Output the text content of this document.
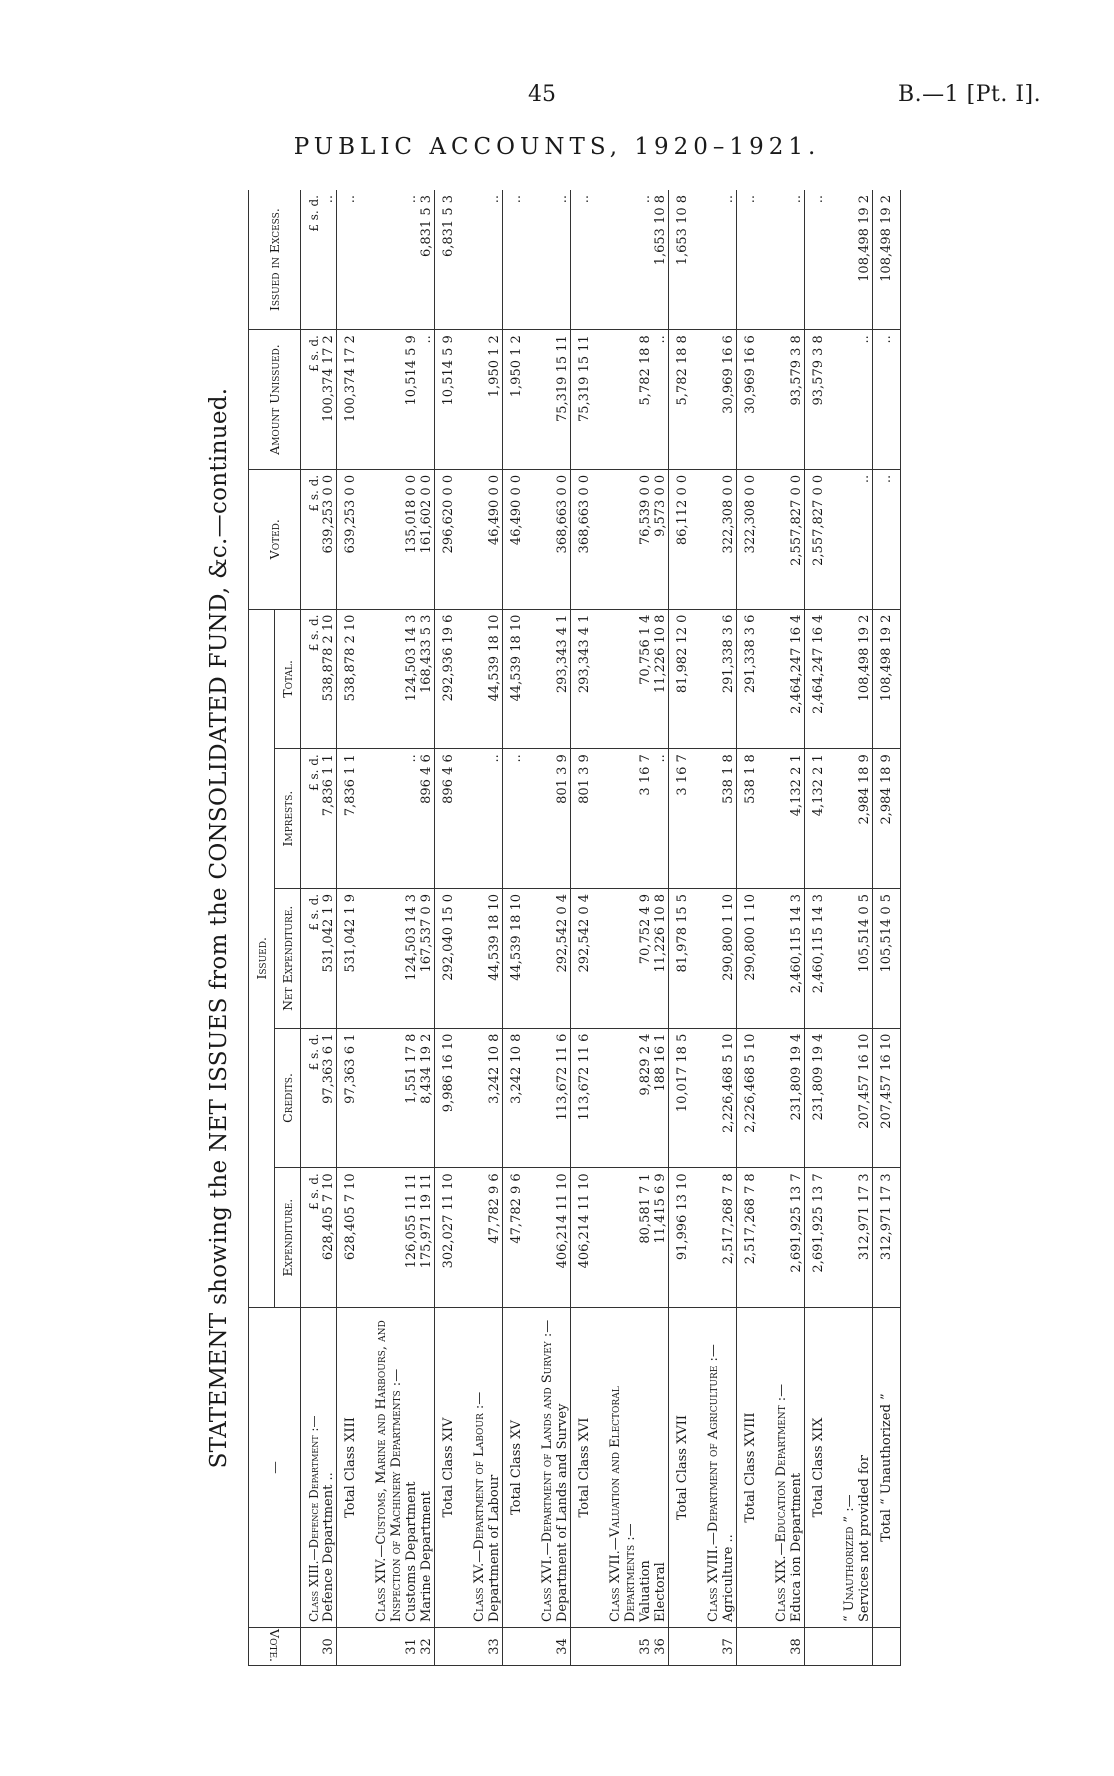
45	B.—1 [Pt. I].
PUBLIC ACCOUNTS, 1920–1921.
STATEMENT showing the NET ISSUES from the CONSOLIDATED FUND, &c.—continued.
Vote.	—	Issued.					Voted.	Amount Unissued.	Issued in Excess.
		Expenditure.	Credits.	Net Expenditure.	Imprests.	Total.			
	Class XIII.—Defence Department :—	£ s. d.	£ s. d.	£ s. d.	£ s. d.	£ s. d.	£ s. d.	£ s. d.	£ s. d.
30	Defence Department ..	628,405 7 10	97,363 6 1	531,042 1 9	7,836 1 1	538,878 2 10	639,253 0 0	100,374 17 2	..
	Total Class XIII	628,405 7 10	97,363 6 1	531,042 1 9	7,836 1 1	538,878 2 10	639,253 0 0	100,374 17 2	..
	Class XIV.—Customs, Marine and Harbours, and Inspection of Machinery Departments :—								
31	Customs Department	126,055 11 11	1,551 17 8	124,503 14 3	..	124,503 14 3	135,018 0 0	10,514 5 9	..
32	Marine Department	175,971 19 11	8,434 19 2	167,537 0 9	896 4 6	168,433 5 3	161,602 0 0	..	6,831 5 3
	Total Class XIV	302,027 11 10	9,986 16 10	292,040 15 0	896 4 6	292,936 19 6	296,620 0 0	10,514 5 9	6,831 5 3
	Class XV.—Department of Labour :—								
33	Department of Labour	47,782 9 6	3,242 10 8	44,539 18 10	..	44,539 18 10	46,490 0 0	1,950 1 2	..
	Total Class XV	47,782 9 6	3,242 10 8	44,539 18 10	..	44,539 18 10	46,490 0 0	1,950 1 2	..
	Class XVI.—Department of Lands and Survey :—								
34	Department of Lands and Survey	406,214 11 10	113,672 11 6	292,542 0 4	801 3 9	293,343 4 1	368,663 0 0	75,319 15 11	..
	Total Class XVI	406,214 11 10	113,672 11 6	292,542 0 4	801 3 9	293,343 4 1	368,663 0 0	75,319 15 11	..
	Class XVII.—Valuation and Electoral Departments :—								
35	Valuation	80,581 7 1	9,829 2 4	70,752 4 9	3 16 7	70,756 1 4	76,539 0 0	5,782 18 8	..
36	Electoral	11,415 6 9	188 16 1	11,226 10 8	..	11,226 10 8	9,573 0 0	..	1,653 10 8
	Total Class XVII	91,996 13 10	10,017 18 5	81,978 15 5	3 16 7	81,982 12 0	86,112 0 0	5,782 18 8	1,653 10 8
	Class XVIII.—Department of Agriculture :—								
37	Agriculture ..	2,517,268 7 8	2,226,468 5 10	290,800 1 10	538 1 8	291,338 3 6	322,308 0 0	30,969 16 6	..
	Total Class XVIII	2,517,268 7 8	2,226,468 5 10	290,800 1 10	538 1 8	291,338 3 6	322,308 0 0	30,969 16 6	..
	Class XIX.—Education Department :—								
38	Educa ion Department	2,691,925 13 7	231,809 19 4	2,460,115 14 3	4,132 2 1	2,464,247 16 4	2,557,827 0 0	93,579 3 8	..
	Total Class XIX	2,691,925 13 7	231,809 19 4	2,460,115 14 3	4,132 2 1	2,464,247 16 4	2,557,827 0 0	93,579 3 8	..
	“ Unauthorized ” :—								
	Services not provided for	312,971 17 3	207,457 16 10	105,514 0 5	2,984 18 9	108,498 19 2	..	..	108,498 19 2
	Total “ Unauthorized ”	312,971 17 3	207,457 16 10	105,514 0 5	2,984 18 9	108,498 19 2	..	..	108,498 19 2
